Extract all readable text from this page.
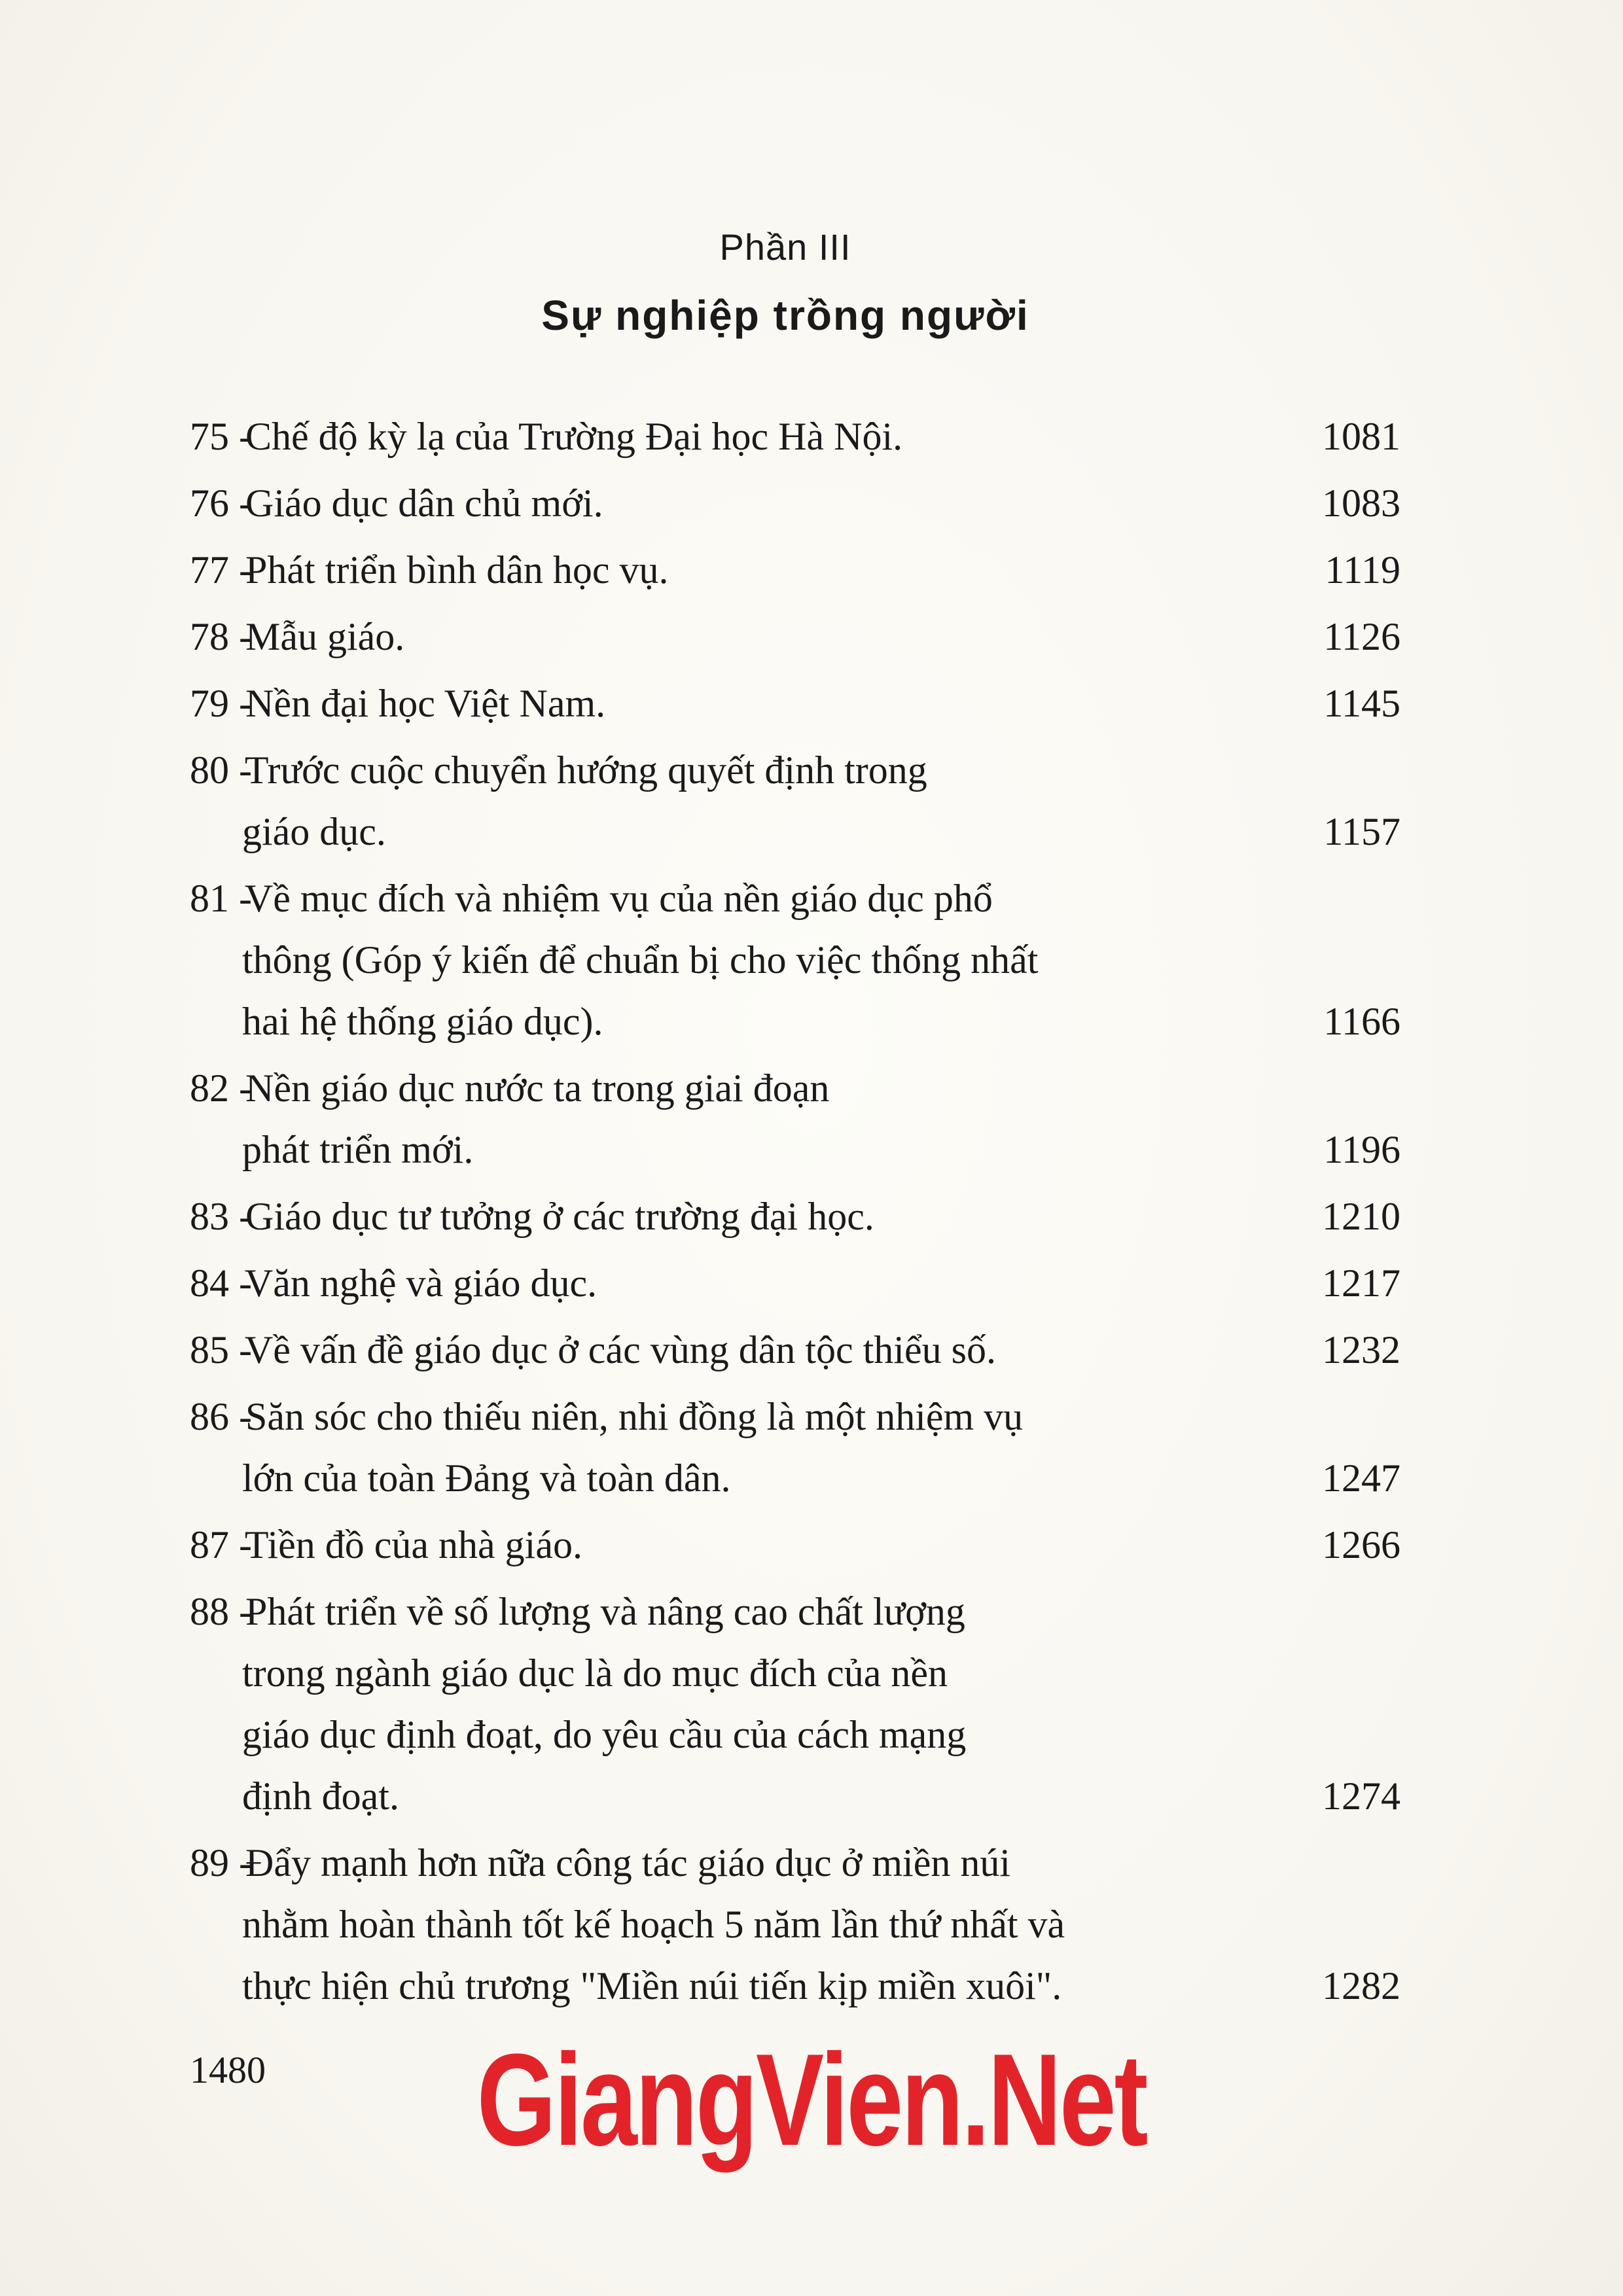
Phần III
Sự nghiệp trồng người
75 - Chế độ kỳ lạ của Trường Đại học Hà Nội.	1081
76 - Giáo dục dân chủ mới.	1083
77 - Phát triển bình dân học vụ.	1119
78 - Mẫu giáo.	1126
79 - Nền đại học Việt Nam.	1145
80 - Trước cuộc chuyển hướng quyết định trong
giáo dục.	1157
81 - Về mục đích và nhiệm vụ của nền giáo dục phổ
thông (Góp ý kiến để chuẩn bị cho việc thống nhất
hai hệ thống giáo dục).	1166
82 - Nền giáo dục nước ta trong giai đoạn
phát triển mới.	1196
83 - Giáo dục tư tưởng ở các trường đại học.	1210
84 - Văn nghệ và giáo dục.	1217
85 - Về vấn đề giáo dục ở các vùng dân tộc thiểu số.	1232
86 - Săn sóc cho thiếu niên, nhi đồng là một nhiệm vụ
lớn của toàn Đảng và toàn dân.	1247
87 - Tiền đồ của nhà giáo.	1266
88 - Phát triển về số lượng và nâng cao chất lượng
trong ngành giáo dục là do mục đích của nền
giáo dục định đoạt, do yêu cầu của cách mạng
định đoạt.	1274
89 - Đẩy mạnh hơn nữa công tác giáo dục ở miền núi
nhằm hoàn thành tốt kế hoạch 5 năm lần thứ nhất và
thực hiện chủ trương "Miền núi tiến kịp miền xuôi".	1282
1480	GiangVien.Net
